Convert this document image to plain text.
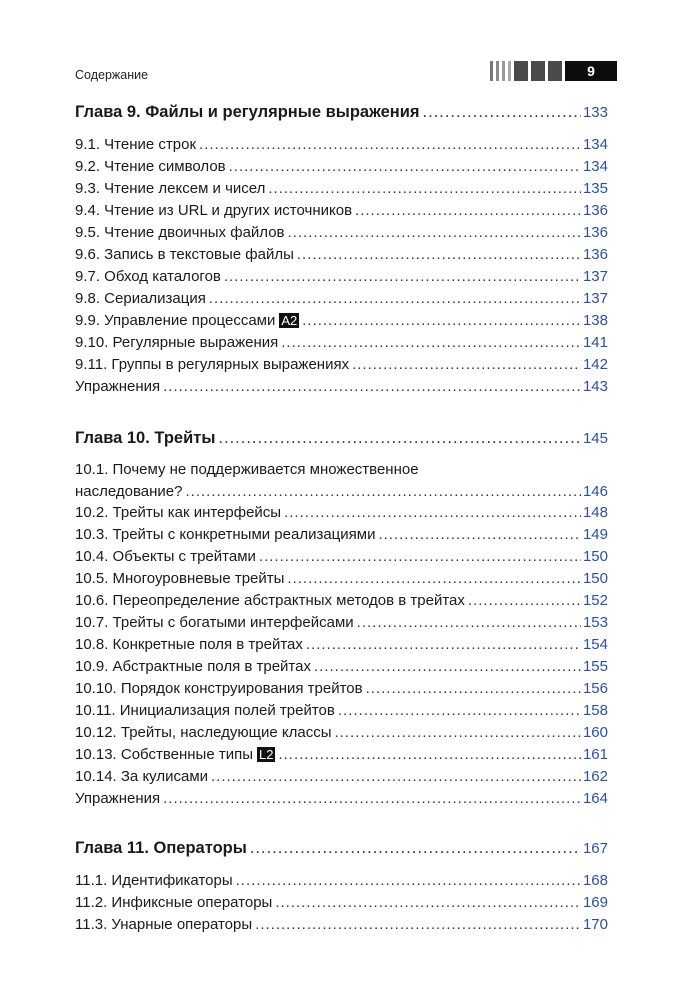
Содержание	9
Глава 9. Файлы и регулярные выражения .....	133
9.1. Чтение строк .....	134
9.2. Чтение символов .....	134
9.3. Чтение лексем и чисел .....	135
9.4. Чтение из URL и других источников .....	136
9.5. Чтение двоичных файлов .....	136
9.6. Запись в текстовые файлы .....	136
9.7. Обход каталогов .....	137
9.8. Сериализация .....	137
9.9. Управление процессами A2 .....	138
9.10. Регулярные выражения .....	141
9.11. Группы в регулярных выражениях .....	142
Упражнения .....	143
Глава 10. Трейты .....	145
10.1. Почему не поддерживается множественное
наследование? .....	146
10.2. Трейты как интерфейсы .....	148
10.3. Трейты с конкретными реализациями .....	149
10.4. Объекты с трейтами .....	150
10.5. Многоуровневые трейты .....	150
10.6. Переопределение абстрактных методов в трейтах .....	152
10.7. Трейты с богатыми интерфейсами .....	153
10.8. Конкретные поля в трейтах .....	154
10.9. Абстрактные поля в трейтах .....	155
10.10. Порядок конструирования трейтов .....	156
10.11. Инициализация полей трейтов .....	158
10.12. Трейты, наследующие классы .....	160
10.13. Собственные типы L2 .....	161
10.14. За кулисами .....	162
Упражнения .....	164
Глава 11. Операторы .....	167
11.1. Идентификаторы .....	168
11.2. Инфиксные операторы .....	169
11.3. Унарные операторы .....	170
